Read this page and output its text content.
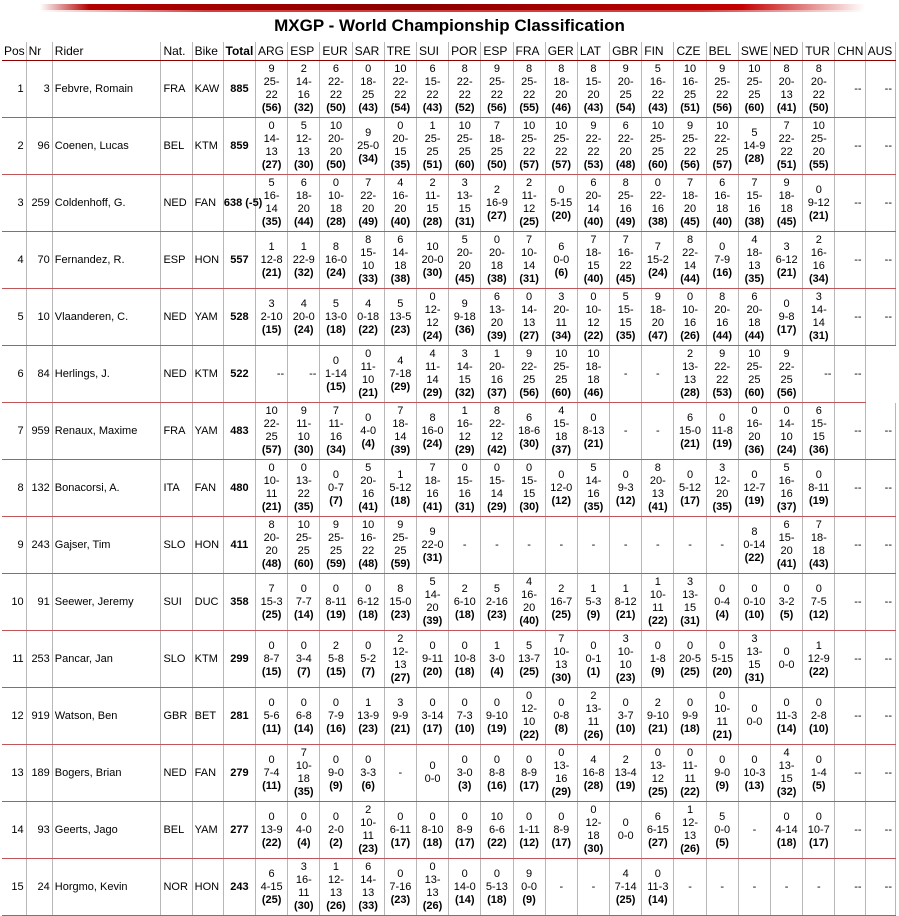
MXGP - World Championship Classification
Pos	Nr	Rider	Nat.	Bike	Total	ARG	ESP	EUR	SAR	TRE	SUI	POR	ESP	FRA	GER	LAT	GBR	FIN	CZE	BEL	SWE	NED	TUR	CHN	AUS
1	3	Febvre, Romain	FRA	KAW	885	9
25-
22
(56)	2
14-
16
(32)	6
22-
22
(50)	0
18-
25
(43)	10
22-
22
(54)	6
15-
22
(43)	8
22-
22
(52)	9
25-
22
(56)	8
25-
22
(55)	8
18-
20
(46)	8
15-
20
(43)	9
20-
25
(54)	5
16-
22
(43)	10
16-
25
(51)	9
25-
22
(56)	10
25-
25
(60)	8
20-
13
(41)	8
20-
22
(50)	--	--
2	96	Coenen, Lucas	BEL	KTM	859	0
14-
13
(27)	5
12-
13
(30)	10
20-
20
(50)	9
25-0
(34)	0
20-
15
(35)	1
25-
25
(51)	10
25-
25
(60)	7
18-
25
(50)	10
25-
22
(57)	10
25-
22
(57)	9
22-
22
(53)	6
22-
20
(48)	10
25-
25
(60)	9
25-
22
(56)	10
22-
25
(57)	5
14-9
(28)	7
22-
22
(51)	10
25-
20
(55)	--	--
3	259	Coldenhoff, G.	NED	FAN	638 (-5)	5
16-
14
(35)	6
18-
20
(44)	0
10-
18
(28)	7
22-
20
(49)	4
16-
20
(40)	2
11-
15
(28)	3
13-
15
(31)	2
16-9
(27)	2
11-
12
(25)	0
5-15
(20)	6
20-
14
(40)	8
25-
16
(49)	0
22-
16
(38)	7
18-
20
(45)	6
16-
18
(40)	7
15-
16
(38)	9
18-
18
(45)	0
9-12
(21)	--	--
4	70	Fernandez, R.	ESP	HON	557	1
12-8
(21)	1
22-9
(32)	8
16-0
(24)	8
15-
10
(33)	6
14-
18
(38)	10
20-0
(30)	5
20-
20
(45)	0
20-
18
(38)	7
10-
14
(31)	6
0-0
(6)	7
18-
15
(40)	7
16-
22
(45)	7
15-2
(24)	8
22-
14
(44)	0
7-9
(16)	4
18-
13
(35)	3
6-12
(21)	2
16-
16
(34)	--	--
5	10	Vlaanderen, C.	NED	YAM	528	3
2-10
(15)	4
20-0
(24)	5
13-0
(18)	4
0-18
(22)	5
13-5
(23)	0
12-
12
(24)	9
9-18
(36)	6
13-
20
(39)	0
14-
13
(27)	3
20-
11
(34)	0
10-
12
(22)	5
15-
15
(35)	9
18-
20
(47)	0
10-
16
(26)	8
20-
16
(44)	6
20-
18
(44)	0
9-8
(17)	3
14-
14
(31)	--	--
6	84	Herlings, J.	NED	KTM	522	--	--	0
1-14
(15)	0
11-
10
(21)	4
7-18
(29)	4
11-
14
(29)	3
14-
15
(32)	1
20-
16
(37)	9
22-
25
(56)	10
25-
25
(60)	10
18-
18
(46)	-	-	2
13-
13
(28)	9
22-
22
(53)	10
25-
25
(60)	9
22-
25
(56)	--	--	
7	959	Renaux, Maxime	FRA	YAM	483	10
22-
25
(57)	9
11-
10
(30)	7
11-
16
(34)	0
4-0
(4)	7
18-
14
(39)	8
16-0
(24)	1
16-
12
(29)	8
22-
12
(42)	6
18-6
(30)	4
15-
18
(37)	0
8-13
(21)	-	-	6
15-0
(21)	0
11-8
(19)	0
16-
20
(36)	0
14-
10
(24)	6
15-
15
(36)	--	--
8	132	Bonacorsi, A.	ITA	FAN	480	0
10-
11
(21)	0
13-
22
(35)	0
0-7
(7)	5
20-
16
(41)	1
5-12
(18)	7
18-
16
(41)	0
15-
16
(31)	0
15-
14
(29)	0
15-
15
(30)	0
12-0
(12)	5
14-
16
(35)	0
9-3
(12)	8
20-
13
(41)	0
5-12
(17)	3
12-
20
(35)	0
12-7
(19)	5
16-
16
(37)	0
8-11
(19)	--	--
9	243	Gajser, Tim	SLO	HON	411	8
20-
20
(48)	10
25-
25
(60)	9
25-
25
(59)	10
16-
22
(48)	9
25-
25
(59)	9
22-0
(31)	-	-	-	-	-	-	-	-	-	8
0-14
(22)	6
15-
20
(41)	7
18-
18
(43)	--	--
10	91	Seewer, Jeremy	SUI	DUC	358	7
15-3
(25)	0
7-7
(14)	0
8-11
(19)	0
6-12
(18)	8
15-0
(23)	5
14-
20
(39)	2
6-10
(18)	5
2-16
(23)	4
16-
20
(40)	2
16-7
(25)	1
5-3
(9)	1
8-12
(21)	1
10-
11
(22)	3
13-
15
(31)	0
0-4
(4)	0
0-10
(10)	0
3-2
(5)	0
7-5
(12)	--	--
11	253	Pancar, Jan	SLO	KTM	299	0
8-7
(15)	0
3-4
(7)	2
5-8
(15)	0
5-2
(7)	2
12-
13
(27)	0
9-11
(20)	0
10-8
(18)	1
3-0
(4)	5
13-7
(25)	7
10-
13
(30)	0
0-1
(1)	3
10-
10
(23)	0
1-8
(9)	0
20-5
(25)	0
5-15
(20)	3
13-
15
(31)	0
0-0	1
12-9
(22)	--	--
12	919	Watson, Ben	GBR	BET	281	0
5-6
(11)	0
6-8
(14)	0
7-9
(16)	1
13-9
(23)	3
9-9
(21)	0
3-14
(17)	0
7-3
(10)	0
9-10
(19)	0
12-
10
(22)	0
0-8
(8)	2
13-
11
(26)	0
3-7
(10)	2
9-10
(21)	0
9-9
(18)	0
10-
11
(21)	0
0-0	0
11-3
(14)	0
2-8
(10)	--	--
13	189	Bogers, Brian	NED	FAN	279	0
7-4
(11)	7
10-
18
(35)	0
9-0
(9)	0
3-3
(6)	-	0
0-0	0
3-0
(3)	0
8-8
(16)	0
8-9
(17)	0
13-
16
(29)	4
16-8
(28)	2
13-4
(19)	0
13-
12
(25)	0
11-
11
(22)	0
9-0
(9)	0
10-3
(13)	4
13-
15
(32)	0
1-4
(5)	--	--
14	93	Geerts, Jago	BEL	YAM	277	0
13-9
(22)	0
4-0
(4)	0
2-0
(2)	2
10-
11
(23)	0
6-11
(17)	0
8-10
(18)	0
8-9
(17)	10
6-6
(22)	0
1-11
(12)	0
8-9
(17)	0
12-
18
(30)	0
0-0	6
6-15
(27)	1
12-
13
(26)	5
0-0
(5)	-	0
4-14
(18)	0
10-7
(17)	--	--
15	24	Horgmo, Kevin	NOR	HON	243	6
4-15
(25)	3
16-
11
(30)	1
12-
13
(26)	6
14-
13
(33)	0
7-16
(23)	0
13-
13
(26)	0
14-0
(14)	0
5-13
(18)	9
0-0
(9)	-	-	4
7-14
(25)	0
11-3
(14)	-	-	-	-	-	--	--
